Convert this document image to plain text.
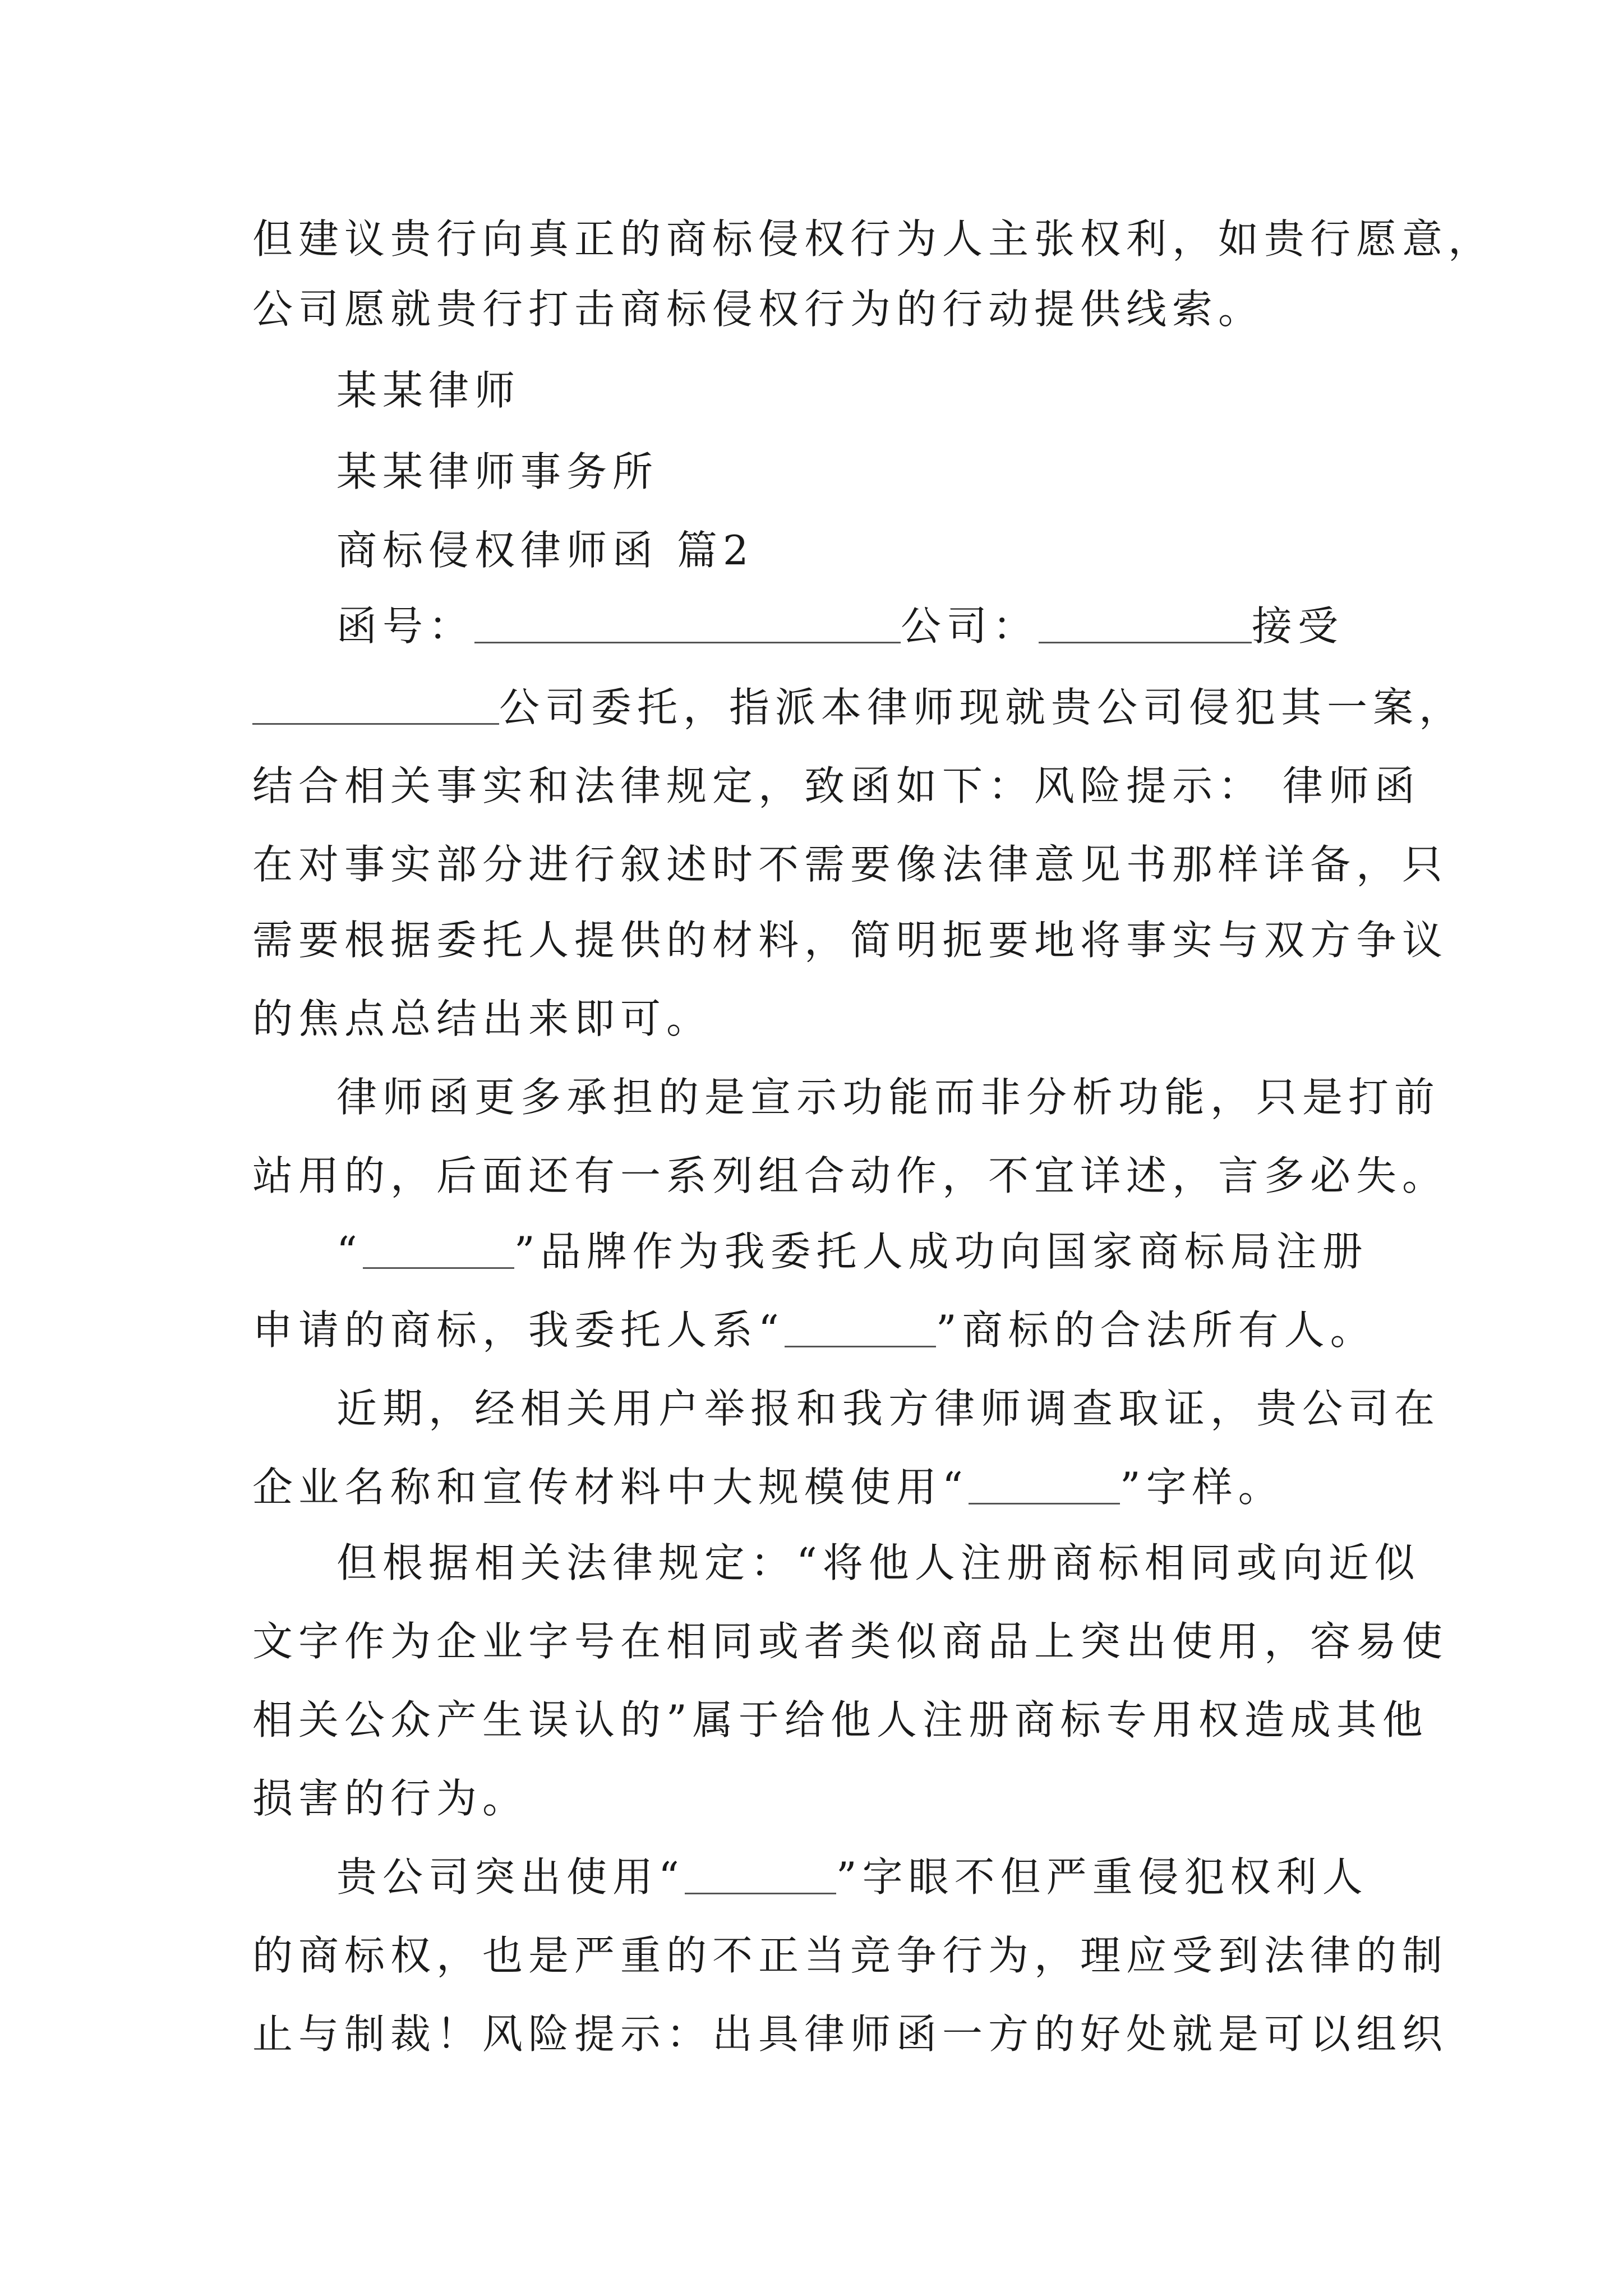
但建议贵行向真正的商标侵权行为人主张权利，如贵行愿意，
公司愿就贵行打击商标侵权行为的行动提供线索。
某某律师
某某律师事务所
商标侵权律师函 篇2
函号：	公司：	接受
公司委托，指派本律师现就贵公司侵犯其一案，
结合相关事实和法律规定，致函如下：风险提示： 律师函
在对事实部分进行叙述时不需要像法律意见书那样详备，只
需要根据委托人提供的材料，简明扼要地将事实与双方争议
的焦点总结出来即可。
律师函更多承担的是宣示功能而非分析功能，只是打前
站用的，后面还有一系列组合动作，不宜详述，言多必失。
“	”品牌作为我委托人成功向国家商标局注册
申请的商标，我委托人系“	”商标的合法所有人。
近期，经相关用户举报和我方律师调查取证，贵公司在
企业名称和宣传材料中大规模使用“	”字样。
但根据相关法律规定：“将他人注册商标相同或向近似
文字作为企业字号在相同或者类似商品上突出使用，容易使
相关公众产生误认的”属于给他人注册商标专用权造成其他
损害的行为。
贵公司突出使用“	”字眼不但严重侵犯权利人
的商标权，也是严重的不正当竞争行为，理应受到法律的制
止与制裁！风险提示：出具律师函一方的好处就是可以组织
